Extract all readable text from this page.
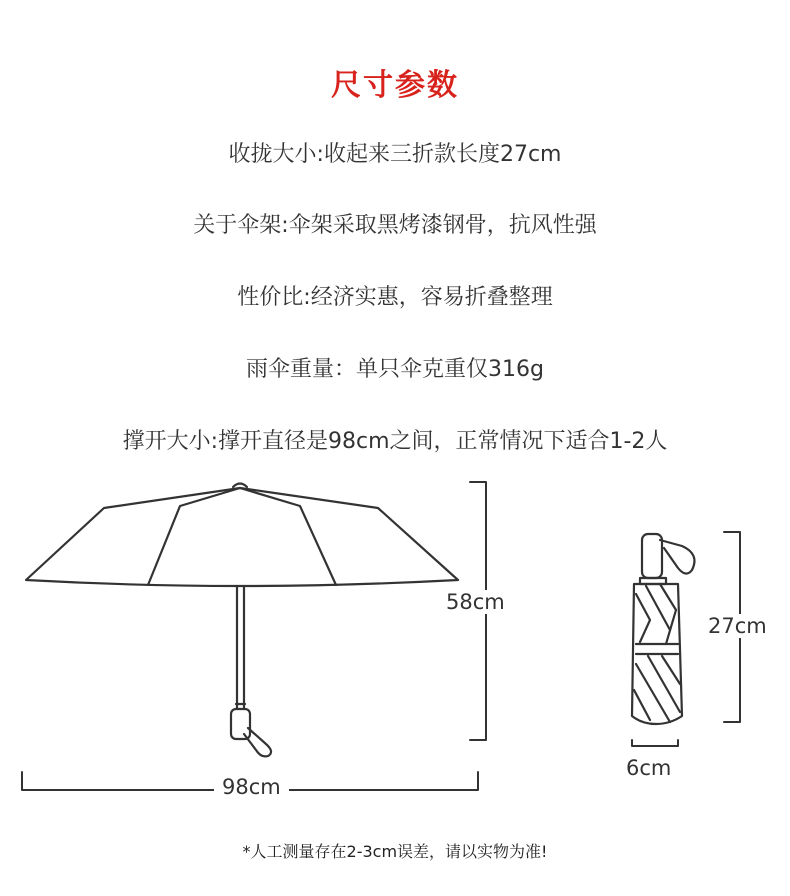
尺寸参数
收拢大小:收起来三折款长度27cm
关于伞架:伞架采取黑烤漆钢骨，抗风性强
性价比:经济实惠，容易折叠整理
雨伞重量：单只伞克重仅316g
撑开大小:撑开直径是98cm之间，正常情况下适合1-2人
58cm
98cm
27cm
6cm
*人工测量存在2-3cm误差，请以实物为准!
